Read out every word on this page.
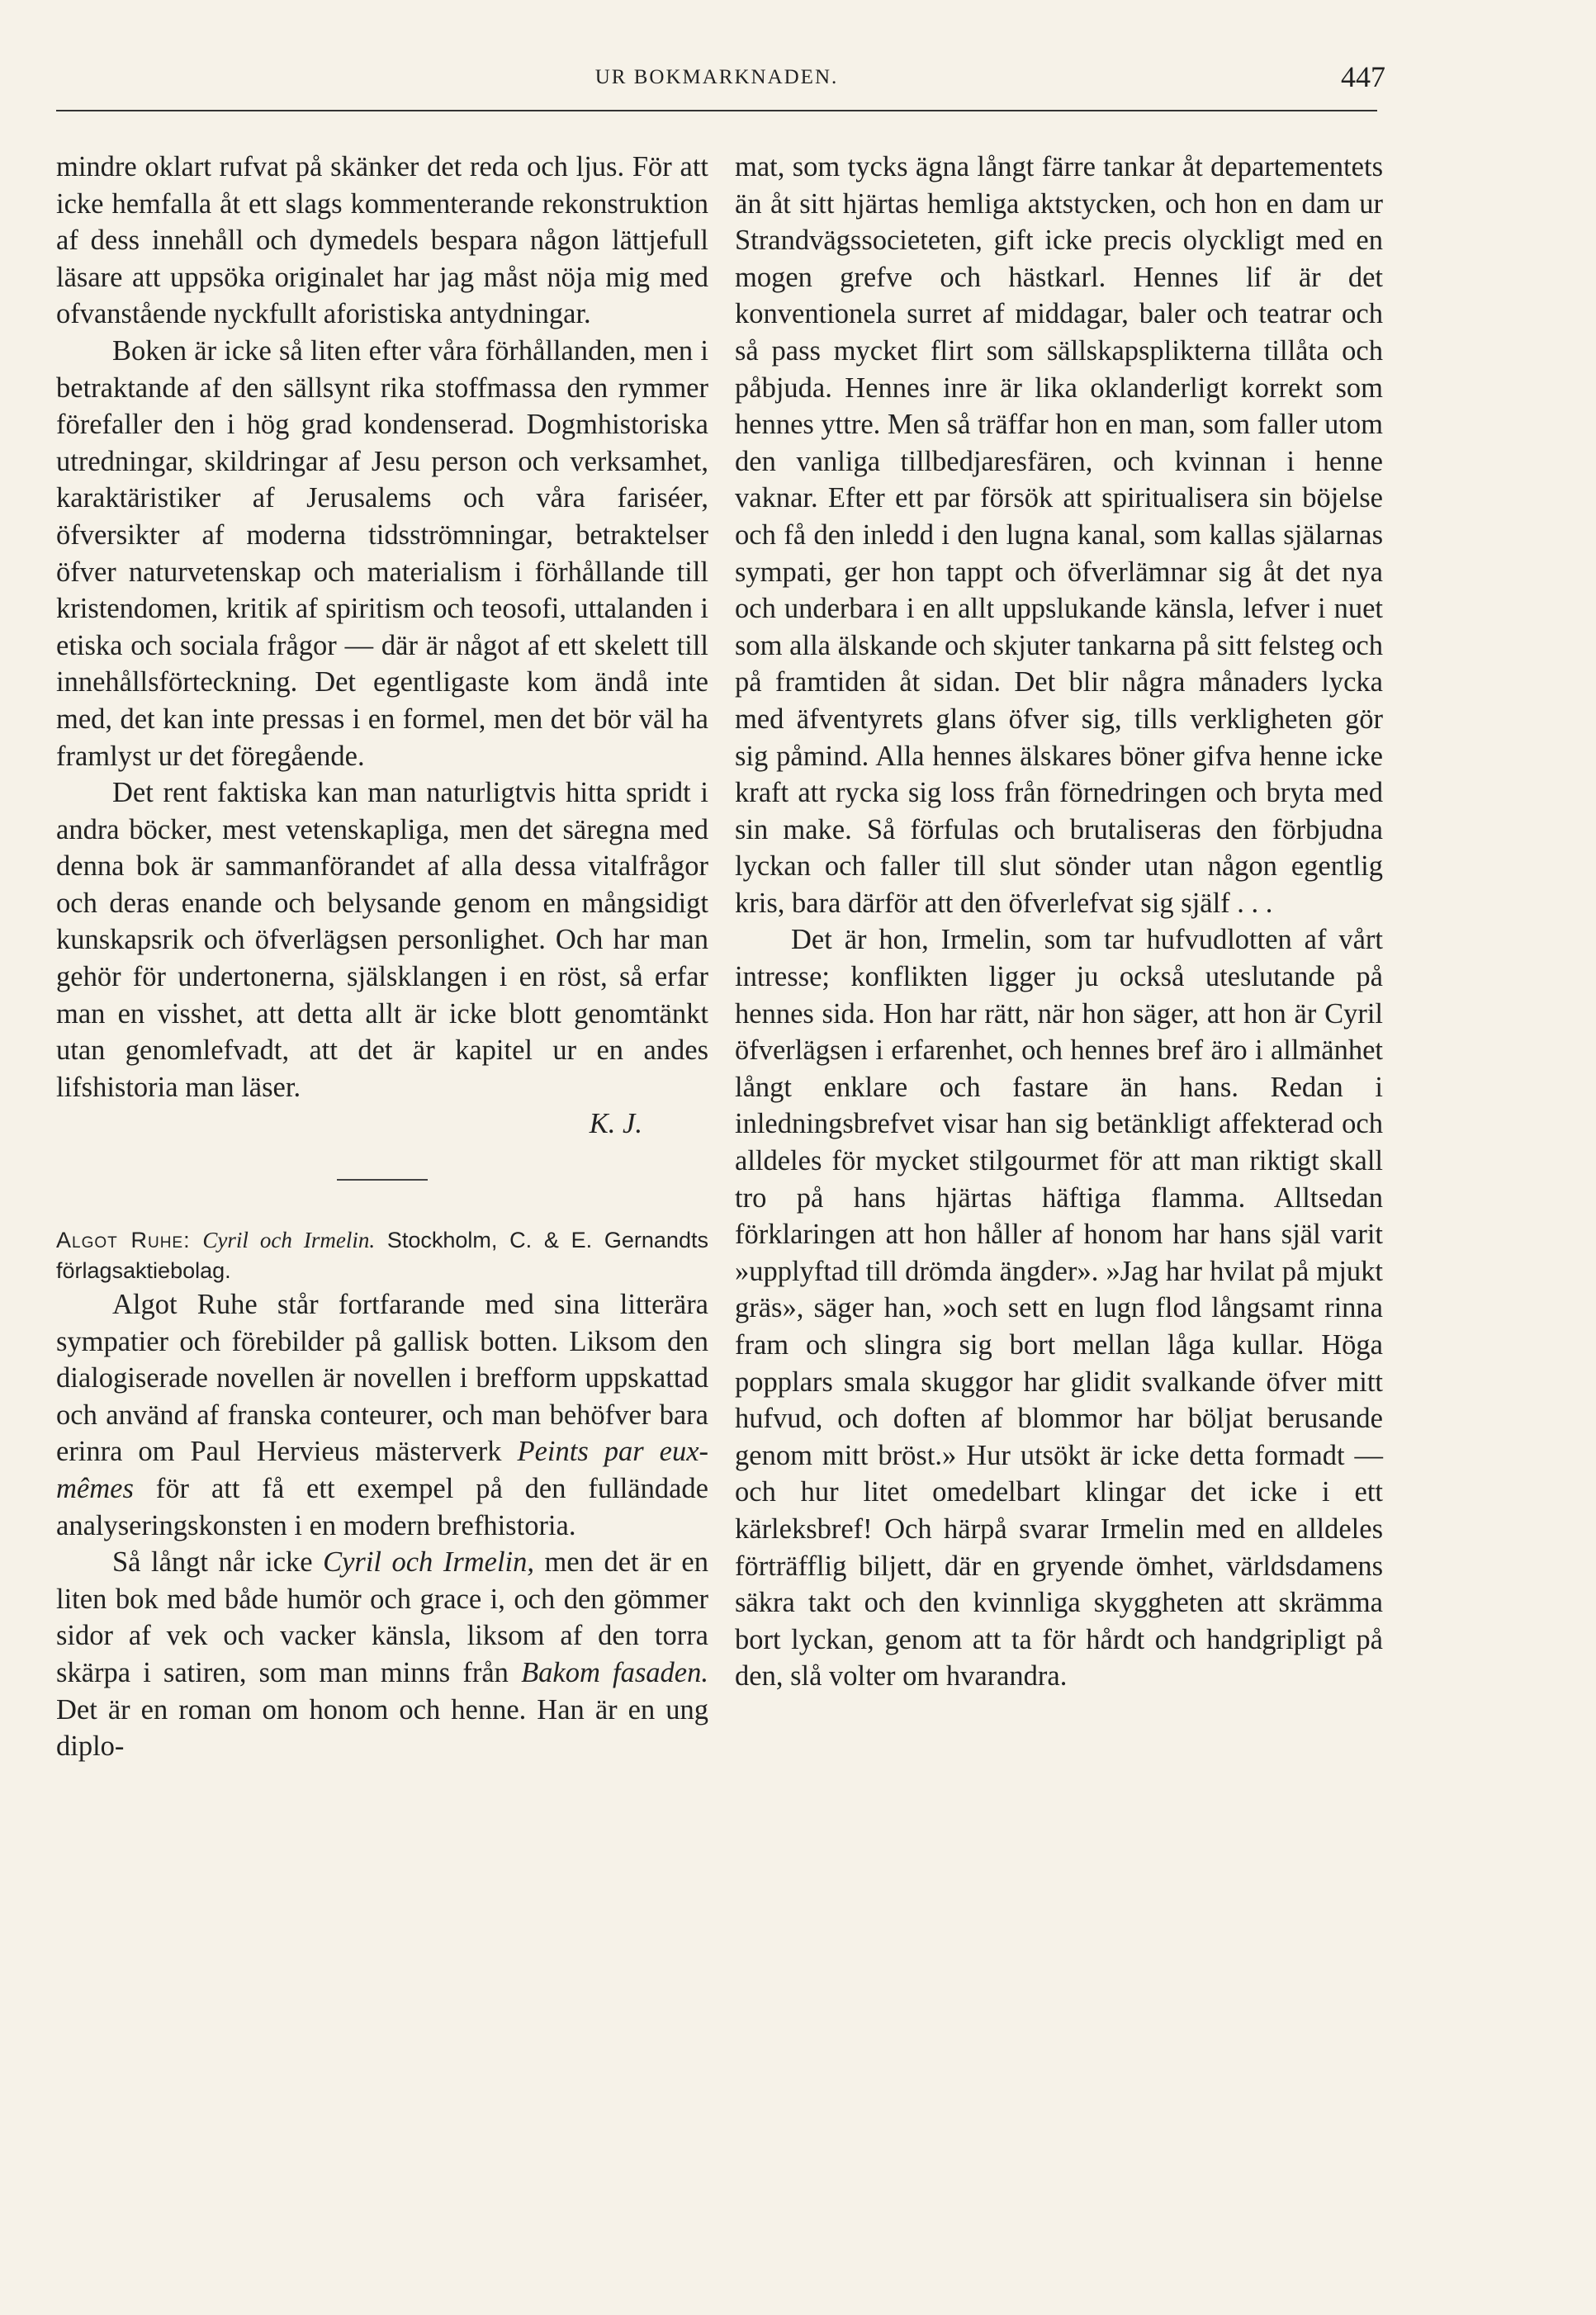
UR BOKMARKNADEN.	447

mindre oklart rufvat på skänker det reda och ljus. För att icke hemfalla åt ett slags kommenterande rekonstruktion af dess innehåll och dymedels bespara någon lättjefull läsare att uppsöka originalet har jag måst nöja mig med ofvanstående nyckfullt aforistiska antydningar.

Boken är icke så liten efter våra förhållanden, men i betraktande af den sällsynt rika stoffmassa den rymmer förefaller den i hög grad kondenserad. Dogmhistoriska utredningar, skildringar af Jesu person och verksamhet, karaktäristiker af Jerusalems och våra fariséer, öfversikter af moderna tidsströmningar, betraktelser öfver naturvetenskap och materialism i förhållande till kristendomen, kritik af spiritism och teosofi, uttalanden i etiska och sociala frågor — där är något af ett skelett till innehållsförteckning. Det egentligaste kom ändå inte med, det kan inte pressas i en formel, men det bör väl ha framlyst ur det föregående.

Det rent faktiska kan man naturligtvis hitta spridt i andra böcker, mest vetenskapliga, men det säregna med denna bok är sammanförandet af alla dessa vitalfrågor och deras enande och belysande genom en mångsidigt kunskapsrik och öfverlägsen personlighet. Och har man gehör för undertonerna, själsklangen i en röst, så erfar man en visshet, att detta allt är icke blott genomtänkt utan genomlefvadt, att det är kapitel ur en andes lifshistoria man läser.

K. J.

Algot Ruhe: Cyril och Irmelin. Stockholm, C. & E. Gernandts förlagsaktiebolag.

Algot Ruhe står fortfarande med sina litterära sympatier och förebilder på gallisk botten. Liksom den dialogiserade novellen är novellen i brefform uppskattad och använd af franska conteurer, och man behöfver bara erinra om Paul Hervieus mästerverk Peints par eux-mêmes för att få ett exempel på den fulländade analyseringskonsten i en modern brefhistoria.

Så långt når icke Cyril och Irmelin, men det är en liten bok med både humör och grace i, och den gömmer sidor af vek och vacker känsla, liksom af den torra skärpa i satiren, som man minns från Bakom fasaden. Det är en roman om honom och henne. Han är en ung diplo-

mat, som tycks ägna långt färre tankar åt departementets än åt sitt hjärtas hemliga aktstycken, och hon en dam ur Strandvägssocieteten, gift icke precis olyckligt med en mogen grefve och hästkarl. Hennes lif är det konventionela surret af middagar, baler och teatrar och så pass mycket flirt som sällskapsplikterna tillåta och påbjuda. Hennes inre är lika oklanderligt korrekt som hennes yttre. Men så träffar hon en man, som faller utom den vanliga tillbedjaresfären, och kvinnan i henne vaknar. Efter ett par försök att spiritualisera sin böjelse och få den inledd i den lugna kanal, som kallas själarnas sympati, ger hon tappt och öfverlämnar sig åt det nya och underbara i en allt uppslukande känsla, lefver i nuet som alla älskande och skjuter tankarna på sitt felsteg och på framtiden åt sidan. Det blir några månaders lycka med äfventyrets glans öfver sig, tills verkligheten gör sig påmind. Alla hennes älskares böner gifva henne icke kraft att rycka sig loss från förnedringen och bryta med sin make. Så förfulas och brutaliseras den förbjudna lyckan och faller till slut sönder utan någon egentlig kris, bara därför att den öfverlefvat sig själf . . .

Det är hon, Irmelin, som tar hufvudlotten af vårt intresse; konflikten ligger ju också uteslutande på hennes sida. Hon har rätt, när hon säger, att hon är Cyril öfverlägsen i erfarenhet, och hennes bref äro i allmänhet långt enklare och fastare än hans. Redan i inledningsbrefvet visar han sig betänkligt affekterad och alldeles för mycket stilgourmet för att man riktigt skall tro på hans hjärtas häftiga flamma. Alltsedan förklaringen att hon håller af honom har hans själ varit »upplyftad till drömda ängder». »Jag har hvilat på mjukt gräs», säger han, »och sett en lugn flod långsamt rinna fram och slingra sig bort mellan låga kullar. Höga popplars smala skuggor har glidit svalkande öfver mitt hufvud, och doften af blommor har böljat berusande genom mitt bröst.» Hur utsökt är icke detta formadt — och hur litet omedelbart klingar det icke i ett kärleksbref! Och härpå svarar Irmelin med en alldeles förträfflig biljett, där en gryende ömhet, världsdamens säkra takt och den kvinnliga skyggheten att skrämma bort lyckan, genom att ta för hårdt och handgripligt på den, slå volter om hvarandra.
